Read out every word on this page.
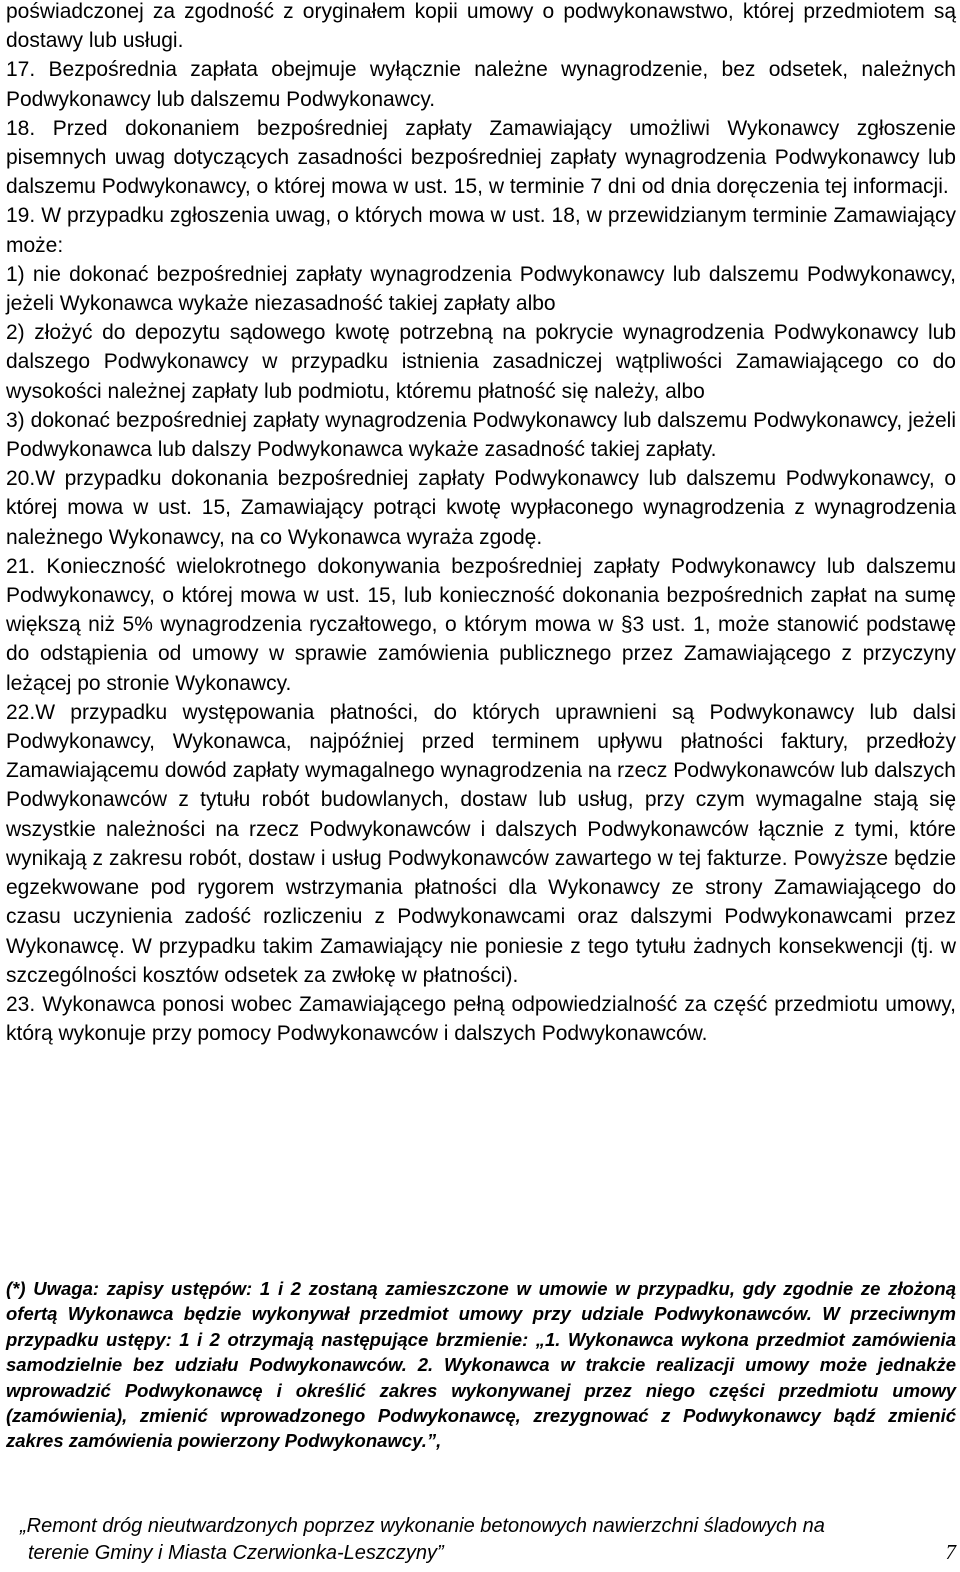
poświadczonej za zgodność z oryginałem kopii umowy o podwykonawstwo, której przedmiotem są dostawy lub usługi.

17. Bezpośrednia zapłata obejmuje wyłącznie należne wynagrodzenie, bez odsetek, należnych Podwykonawcy lub dalszemu Podwykonawcy.

18. Przed dokonaniem bezpośredniej zapłaty Zamawiający umożliwi Wykonawcy zgłoszenie pisemnych uwag dotyczących zasadności bezpośredniej zapłaty wynagrodzenia Podwykonawcy lub dalszemu Podwykonawcy, o której mowa w ust. 15, w terminie 7 dni od dnia doręczenia tej informacji.

19. W przypadku zgłoszenia uwag, o których mowa w ust. 18, w przewidzianym terminie Zamawiający może:

1) nie dokonać bezpośredniej zapłaty wynagrodzenia Podwykonawcy lub dalszemu Podwykonawcy, jeżeli Wykonawca wykaże niezasadność takiej zapłaty albo

2) złożyć do depozytu sądowego kwotę potrzebną na pokrycie wynagrodzenia Podwykonawcy lub dalszego Podwykonawcy w przypadku istnienia zasadniczej wątpliwości Zamawiającego co do wysokości należnej zapłaty lub podmiotu, któremu płatność się należy, albo

3) dokonać bezpośredniej zapłaty wynagrodzenia Podwykonawcy lub dalszemu Podwykonawcy, jeżeli Podwykonawca lub dalszy Podwykonawca wykaże zasadność takiej zapłaty.

20.W przypadku dokonania bezpośredniej zapłaty Podwykonawcy lub dalszemu Podwykonawcy, o której mowa w ust. 15, Zamawiający potrąci kwotę wypłaconego wynagrodzenia z wynagrodzenia należnego Wykonawcy, na co Wykonawca wyraża zgodę.

21. Konieczność wielokrotnego dokonywania bezpośredniej zapłaty Podwykonawcy lub dalszemu Podwykonawcy, o której mowa w ust. 15, lub konieczność dokonania bezpośrednich zapłat na sumę większą niż 5% wynagrodzenia ryczałtowego, o którym mowa w §3 ust. 1, może stanowić podstawę do odstąpienia od umowy w sprawie zamówienia publicznego przez Zamawiającego z przyczyny leżącej po stronie Wykonawcy.

22.W przypadku występowania płatności, do których uprawnieni są Podwykonawcy lub dalsi Podwykonawcy, Wykonawca, najpóźniej przed terminem upływu płatności faktury, przedłoży Zamawiającemu dowód zapłaty wymagalnego wynagrodzenia na rzecz Podwykonawców lub dalszych Podwykonawców z tytułu robót budowlanych, dostaw lub usług, przy czym wymagalne stają się wszystkie należności na rzecz Podwykonawców i dalszych Podwykonawców łącznie z tymi, które wynikają z zakresu robót, dostaw i usług Podwykonawców zawartego w tej fakturze. Powyższe będzie egzekwowane pod rygorem wstrzymania płatności dla Wykonawcy ze strony Zamawiającego do czasu uczynienia zadość rozliczeniu z Podwykonawcami oraz dalszymi Podwykonawcami przez Wykonawcę. W przypadku takim Zamawiający nie poniesie z tego tytułu żadnych konsekwencji (tj. w szczególności kosztów odsetek za zwłokę w płatności).

23. Wykonawca ponosi wobec Zamawiającego pełną odpowiedzialność za część przedmiotu umowy, którą wykonuje przy pomocy Podwykonawców i dalszych Podwykonawców.

(*) Uwaga: zapisy ustępów: 1 i 2 zostaną zamieszczone w umowie w przypadku, gdy zgodnie ze złożoną ofertą Wykonawca będzie wykonywał przedmiot umowy przy udziale Podwykonawców. W przeciwnym przypadku ustępy: 1 i 2 otrzymają następujące brzmienie: „1. Wykonawca wykona przedmiot zamówienia samodzielnie bez udziału Podwykonawców. 2. Wykonawca w trakcie realizacji umowy może jednakże wprowadzić Podwykonawcę i określić zakres wykonywanej przez niego części przedmiotu umowy (zamówienia), zmienić wprowadzonego Podwykonawcę, zrezygnować z Podwykonawcy bądź zmienić zakres zamówienia powierzony Podwykonawcy.”,

„Remont dróg nieutwardzonych poprzez wykonanie betonowych nawierzchni śladowych na
terenie Gminy i Miasta Czerwionka-Leszczyny”	7
